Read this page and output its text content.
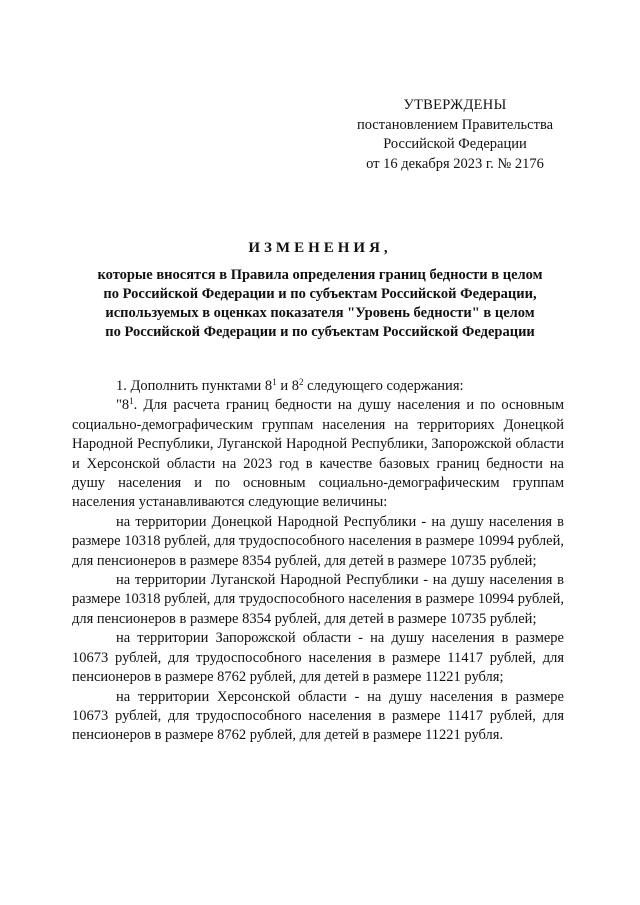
УТВЕРЖДЕНЫ
постановлением Правительства
Российской Федерации
от 16 декабря 2023 г. № 2176
ИЗМЕНЕНИЯ,
которые вносятся в Правила определения границ бедности в целом
по Российской Федерации и по субъектам Российской Федерации,
используемых в оценках показателя "Уровень бедности" в целом
по Российской Федерации и по субъектам Российской Федерации

1. Дополнить пунктами $8^1$ и $8^2$ следующего содержания:

"$8^1$. Для расчета границ бедности на душу населения и по основным социально-демографическим группам населения на территориях Донецкой Народной Республики, Луганской Народной Республики, Запорожской области и Херсонской области на 2023 год в качестве базовых границ бедности на душу населения и по основным социально-демографическим группам населения устанавливаются следующие величины:

на территории Донецкой Народной Республики - на душу населения в размере 10318 рублей, для трудоспособного населения в размере 10994 рублей, для пенсионеров в размере 8354 рублей, для детей в размере 10735 рублей;

на территории Луганской Народной Республики - на душу населения в размере 10318 рублей, для трудоспособного населения в размере 10994 рублей, для пенсионеров в размере 8354 рублей, для детей в размере 10735 рублей;

на территории Запорожской области - на душу населения в размере 10673 рублей, для трудоспособного населения в размере 11417 рублей, для пенсионеров в размере 8762 рублей, для детей в размере 11221 рубля;

на территории Херсонской области - на душу населения в размере 10673 рублей, для трудоспособного населения в размере 11417 рублей, для пенсионеров в размере 8762 рублей, для детей в размере 11221 рубля.
